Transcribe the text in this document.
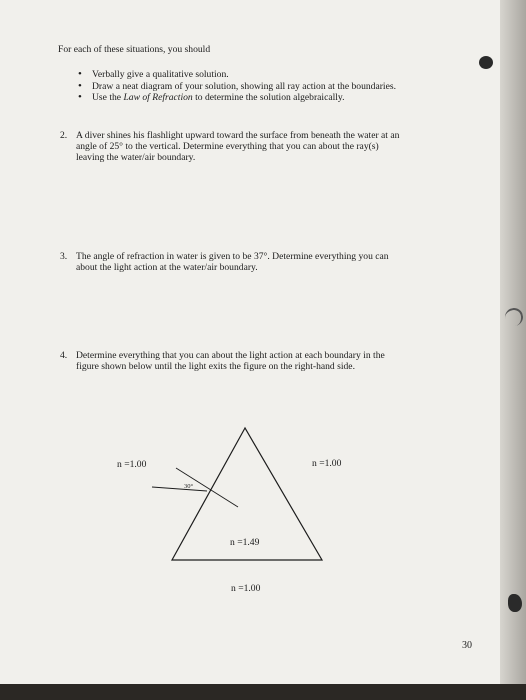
For each of these situations, you should

• Verbally give a qualitative solution.
• Draw a neat diagram of your solution, showing all ray action at the boundaries.
• Use the Law of Refraction to determine the solution algebraically.
2. A diver shines his flashlight upward toward the surface from beneath the water at an
angle of 25° to the vertical. Determine everything that you can about the ray(s)
leaving the water/air boundary.
3. The angle of refraction in water is given to be 37°. Determine everything you can
about the light action at the water/air boundary.
4. Determine everything that you can about the light action at each boundary in the
figure shown below until the light exits the figure on the right-hand side.
n =1.00	n =1.00
30°
n =1.49
n =1.00
30
